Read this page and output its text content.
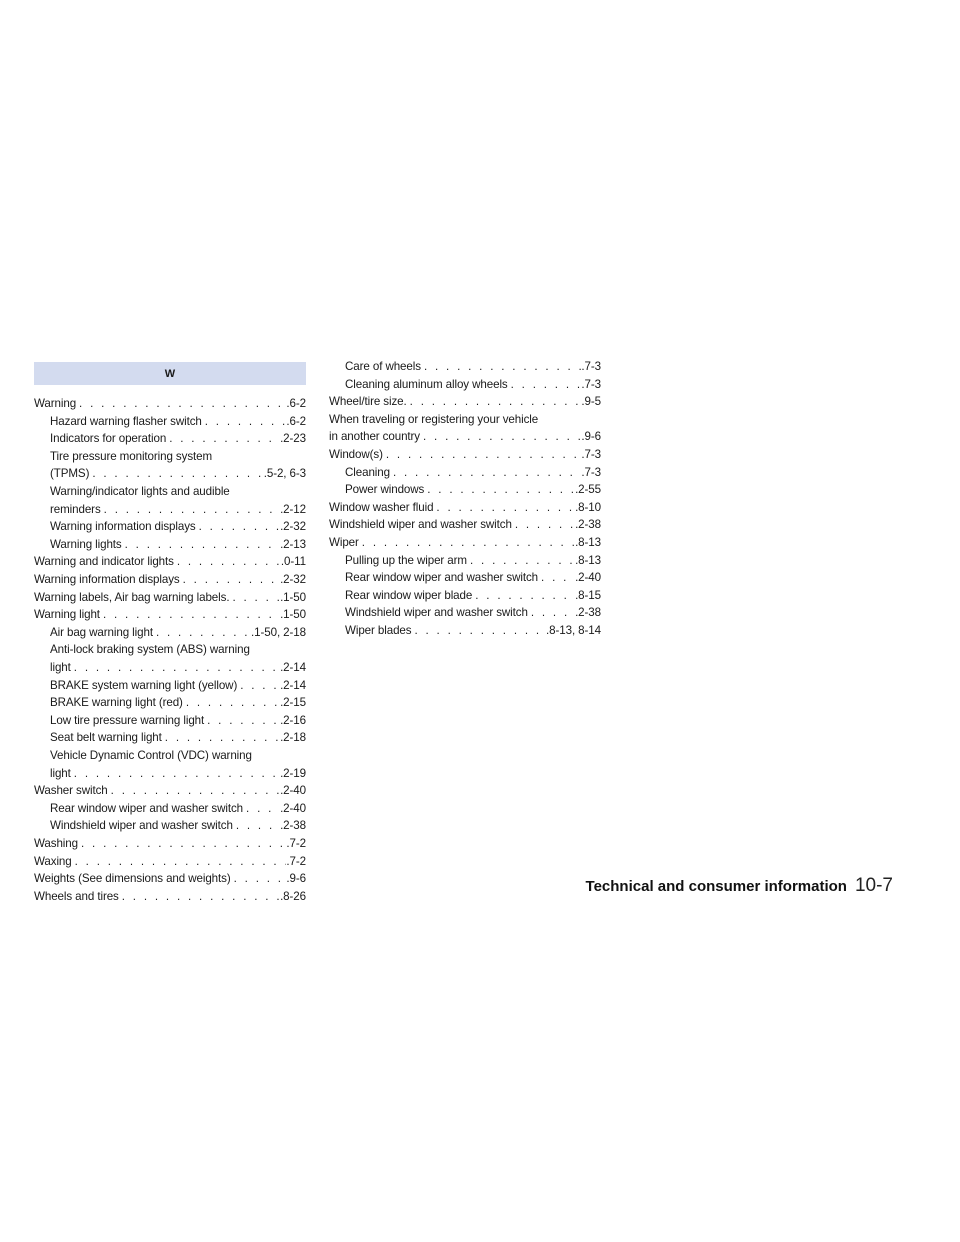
W
Warning . . .	.6-2
Hazard warning flasher switch . . .	.6-2
Indicators for operation . . .	.2-23
Tire pressure monitoring system
(TPMS) . . .	.5-2, 6-3
Warning/indicator lights and audible
reminders . . .	.2-12
Warning information displays . . .	.2-32
Warning lights . . .	.2-13
Warning and indicator lights . . .	.0-11
Warning information displays . . .	.2-32
Warning labels, Air bag warning labels. . . .	.1-50
Warning light . . .	.1-50
Air bag warning light . . .	.1-50, 2-18
Anti-lock braking system (ABS) warning
light . . .	.2-14
BRAKE system warning light (yellow) . . .	.2-14
BRAKE warning light (red) . . .	.2-15
Low tire pressure warning light . . .	.2-16
Seat belt warning light . . .	.2-18
Vehicle Dynamic Control (VDC) warning
light . . .	.2-19
Washer switch . . .	.2-40
Rear window wiper and washer switch . . .	.2-40
Windshield wiper and washer switch . . .	.2-38
Washing . . .	.7-2
Waxing . . .	.7-2
Weights (See dimensions and weights) . . .	.9-6
Wheels and tires . . .	.8-26
Care of wheels . . .	.7-3
Cleaning aluminum alloy wheels . . .	.7-3
Wheel/tire size. . . .	.9-5
When traveling or registering your vehicle
in another country . . .	.9-6
Window(s) . . .	.7-3
Cleaning . . .	.7-3
Power windows . . .	.2-55
Window washer fluid . . .	.8-10
Windshield wiper and washer switch . . .	.2-38
Wiper . . .	.8-13
Pulling up the wiper arm . . .	.8-13
Rear window wiper and washer switch . . .	.2-40
Rear window wiper blade . . .	.8-15
Windshield wiper and washer switch . . .	.2-38
Wiper blades . . .	.8-13, 8-14
Technical and consumer information 10-7
